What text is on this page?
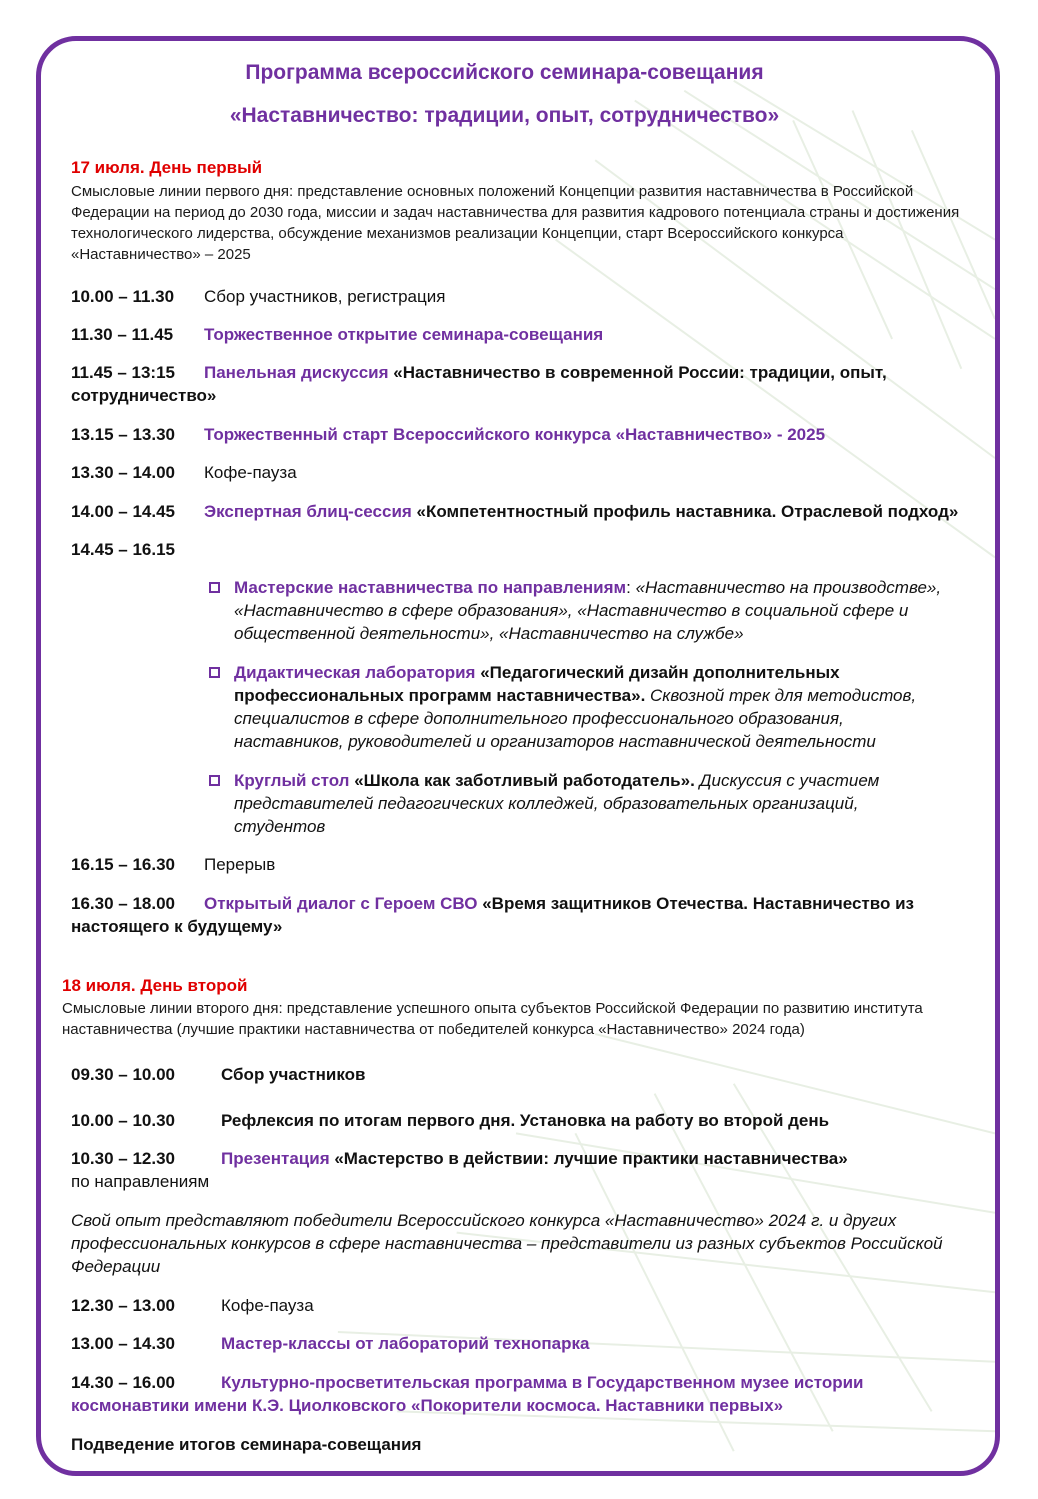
Программа всероссийского семинара-совещания
«Наставничество: традиции, опыт, сотрудничество»
17 июля. День первый
Смысловые линии первого дня: представление основных положений Концепции развития наставничества в Российской Федерации на период до 2030 года, миссии и задач наставничества для развития кадрового потенциала страны и достижения технологического лидерства, обсуждение механизмов реализации Концепции, старт Всероссийского конкурса «Наставничество» – 2025
10.00 – 11.30 Сбор участников, регистрация
11.30 – 11.45 Торжественное открытие семинара-совещания
11.45 – 13:15 Панельная дискуссия «Наставничество в современной России: традиции, опыт, сотрудничество»
13.15 – 13.30 Торжественный старт Всероссийского конкурса «Наставничество» - 2025
13.30 – 14.00 Кофе-пауза
14.00 – 14.45 Экспертная блиц-сессия «Компетентностный профиль наставника. Отраслевой подход»
14.45 – 16.15
Мастерские наставничества по направлениям: «Наставничество на производстве», «Наставничество в сфере образования», «Наставничество в социальной сфере и общественной деятельности», «Наставничество на службе»
Дидактическая лаборатория «Педагогический дизайн дополнительных профессиональных программ наставничества». Сквозной трек для методистов, специалистов в сфере дополнительного профессионального образования, наставников, руководителей и организаторов наставнической деятельности
Круглый стол «Школа как заботливый работодатель». Дискуссия с участием представителей педагогических колледжей, образовательных организаций, студентов
16.15 – 16.30 Перерыв
16.30 – 18.00 Открытый диалог с Героем СВО «Время защитников Отечества. Наставничество из настоящего к будущему»
18 июля. День второй
Смысловые линии второго дня: представление успешного опыта субъектов Российской Федерации по развитию института наставничества (лучшие практики наставничества от победителей конкурса «Наставничество» 2024 года)
09.30 – 10.00	Сбор участников
10.00 – 10.30	Рефлексия по итогам первого дня. Установка на работу во второй день
10.30 – 12.30	Презентация «Мастерство в действии: лучшие практики наставничества» по направлениям
Свой опыт представляют победители Всероссийского конкурса «Наставничество» 2024 г. и других профессиональных конкурсов в сфере наставничества – представители из разных субъектов Российской Федерации
12.30 – 13.00	Кофе-пауза
13.00 – 14.30	Мастер-классы от лабораторий технопарка
14.30 – 16.00	Культурно-просветительская программа в Государственном музее истории космонавтики имени К.Э. Циолковского «Покорители космоса. Наставники первых»
Подведение итогов семинара-совещания
